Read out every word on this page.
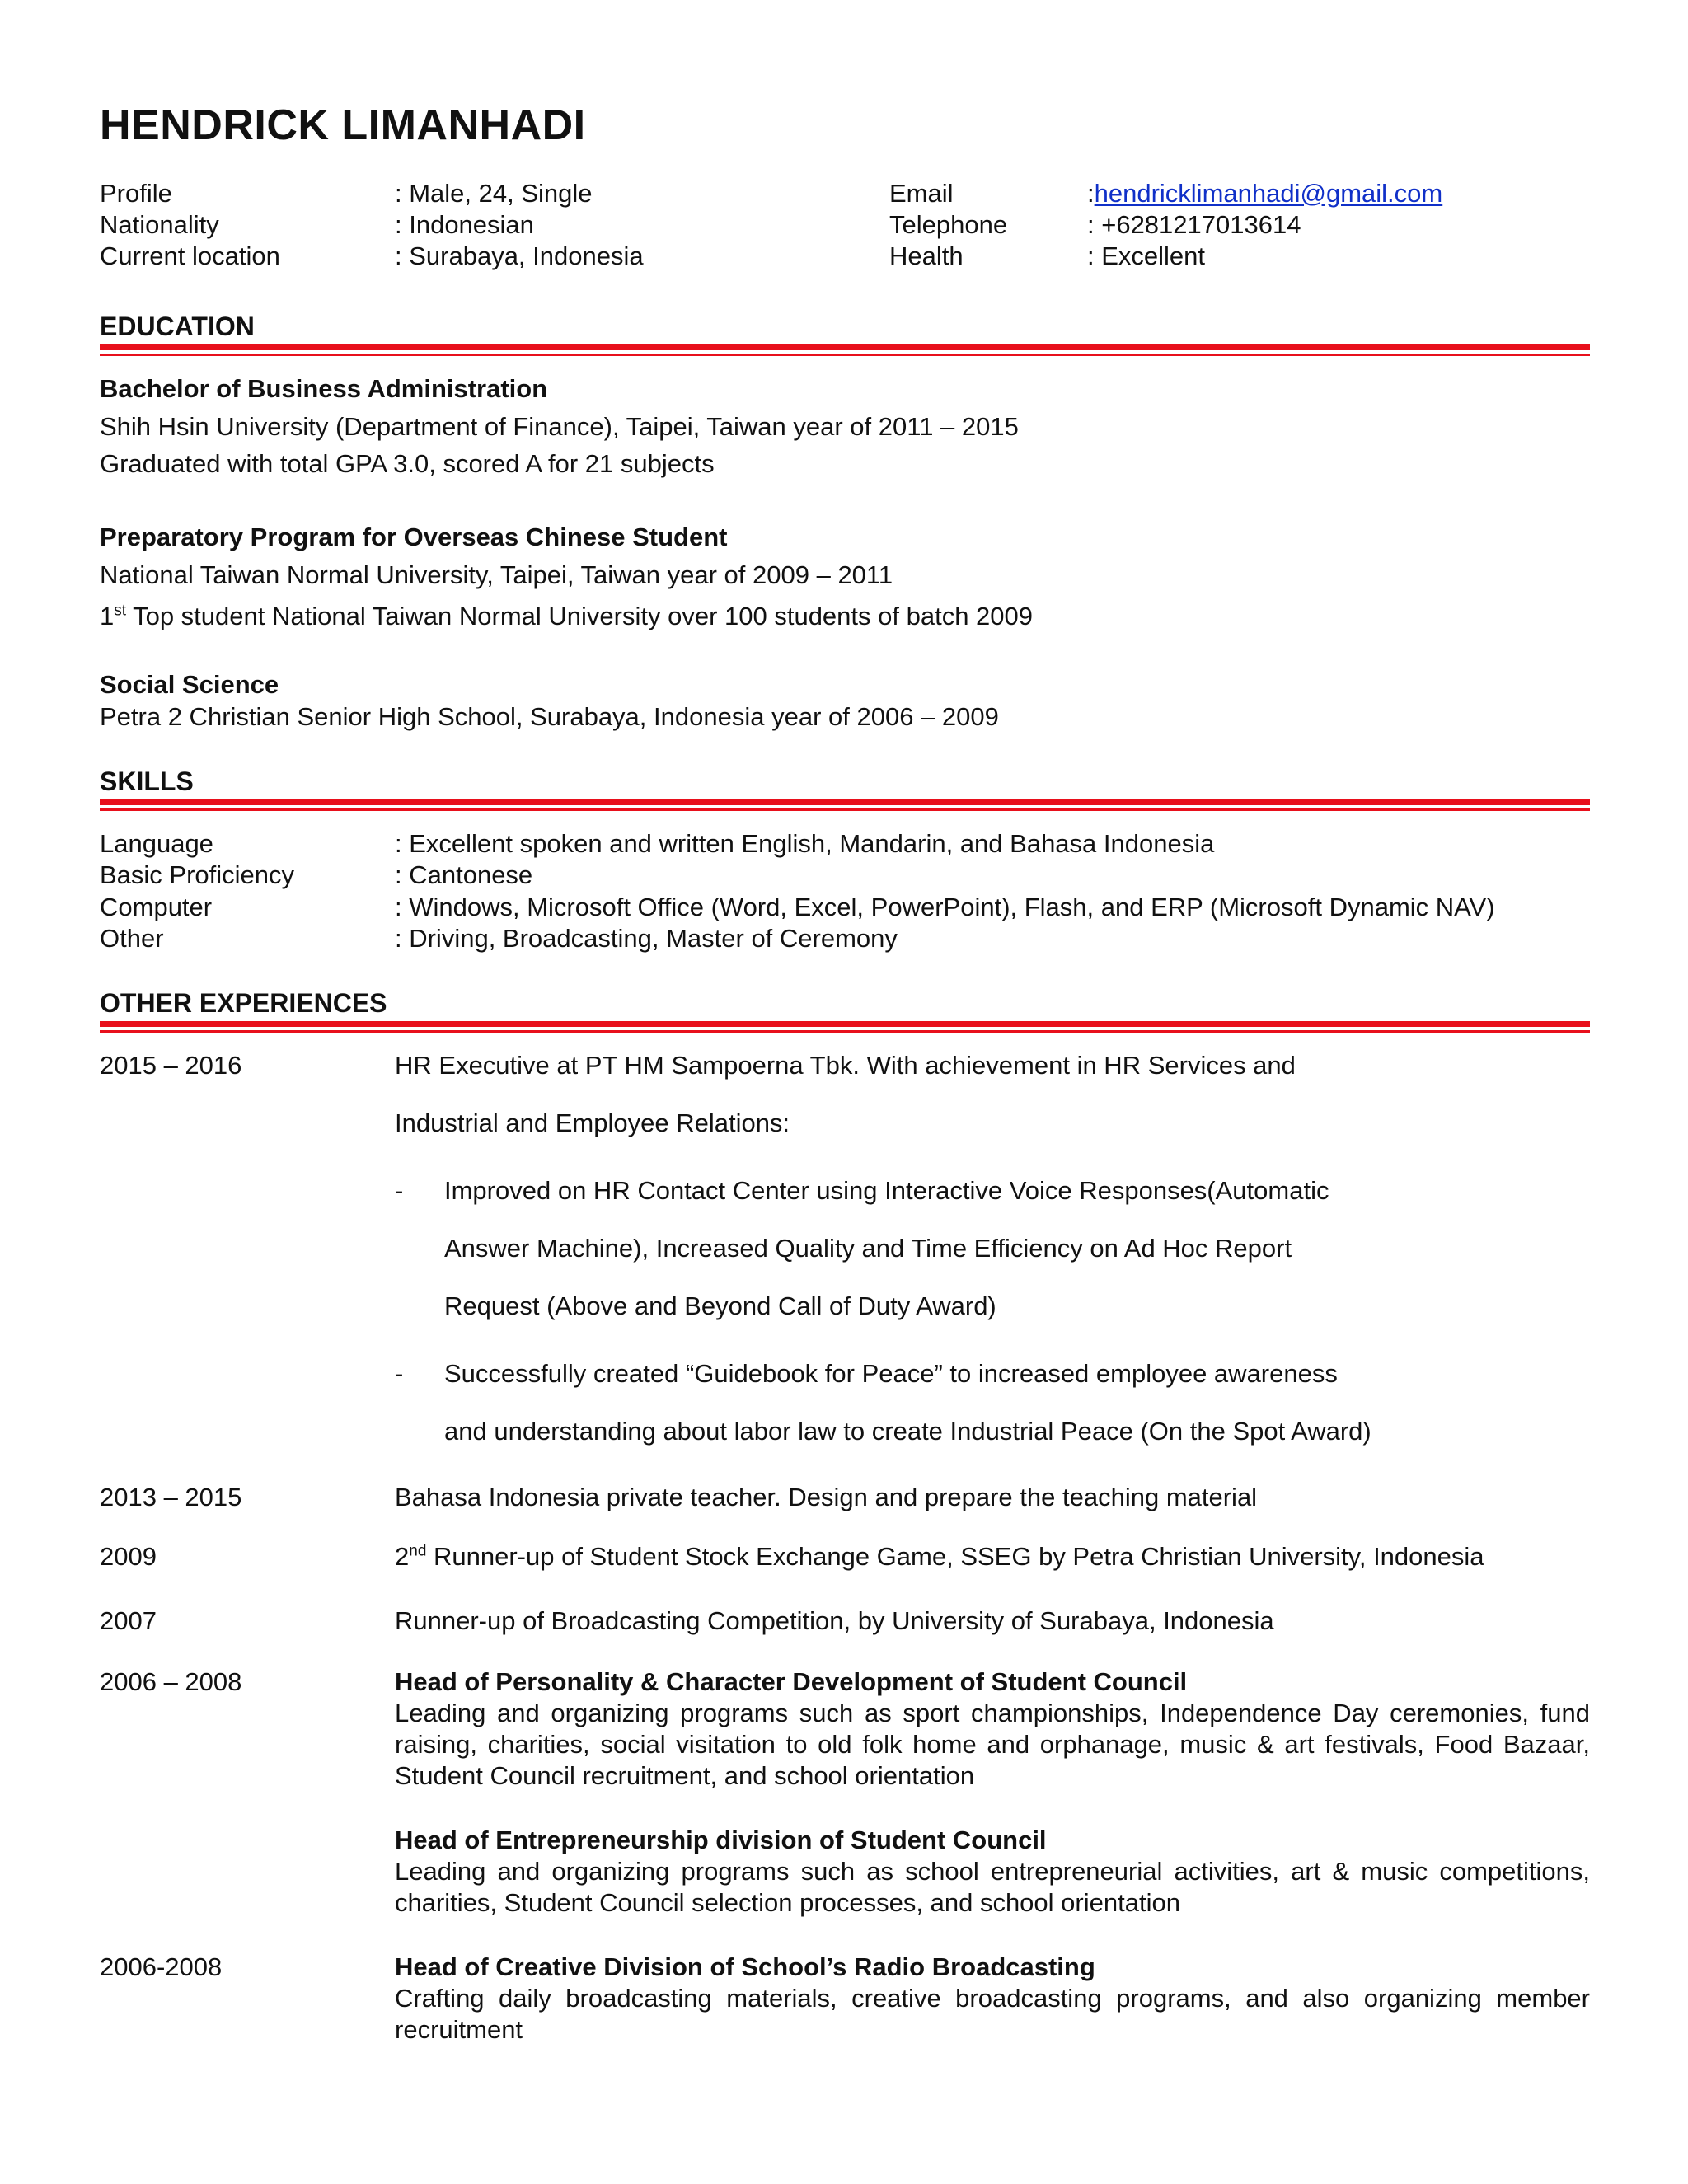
HENDRICK LIMANHADI
Profile	: Male, 24, Single
Nationality	: Indonesian
Current location	: Surabaya, Indonesia
Email	:hendricklimanhadi@gmail.com
Telephone	: +6281217013614
Health	: Excellent
EDUCATION
Bachelor of Business Administration
Shih Hsin University (Department of Finance), Taipei, Taiwan year of 2011 – 2015
Graduated with total GPA 3.0, scored A for 21 subjects
Preparatory Program for Overseas Chinese Student
National Taiwan Normal University, Taipei, Taiwan year of 2009 – 2011
1st Top student National Taiwan Normal University over 100 students of batch 2009
Social Science
Petra 2 Christian Senior High School, Surabaya, Indonesia year of 2006 – 2009
SKILLS
Language	: Excellent spoken and written English, Mandarin, and Bahasa Indonesia
Basic Proficiency	: Cantonese
Computer	: Windows, Microsoft Office (Word, Excel, PowerPoint), Flash, and ERP (Microsoft Dynamic NAV)
Other	: Driving, Broadcasting, Master of Ceremony
OTHER EXPERIENCES
2015 – 2016	HR Executive at PT HM Sampoerna Tbk. With achievement in HR Services and
Industrial and Employee Relations:
- Improved on HR Contact Center using Interactive Voice Responses(Automatic
Answer Machine), Increased Quality and Time Efficiency on Ad Hoc Report
Request (Above and Beyond Call of Duty Award)
- Successfully created “Guidebook for Peace” to increased employee awareness
and understanding about labor law to create Industrial Peace (On the Spot Award)
2013 – 2015	Bahasa Indonesia private teacher. Design and prepare the teaching material
2009	2nd Runner-up of Student Stock Exchange Game, SSEG by Petra Christian University, Indonesia
2007	Runner-up of Broadcasting Competition, by University of Surabaya, Indonesia
2006 – 2008	Head of Personality & Character Development of Student Council
Leading and organizing programs such as sport championships, Independence Day ceremonies, fund raising, charities, social visitation to old folk home and orphanage, music & art festivals, Food Bazaar, Student Council recruitment, and school orientation
Head of Entrepreneurship division of Student Council
Leading and organizing programs such as school entrepreneurial activities, art & music competitions, charities, Student Council selection processes, and school orientation
2006-2008	Head of Creative Division of School’s Radio Broadcasting
Crafting daily broadcasting materials, creative broadcasting programs, and also organizing member recruitment
